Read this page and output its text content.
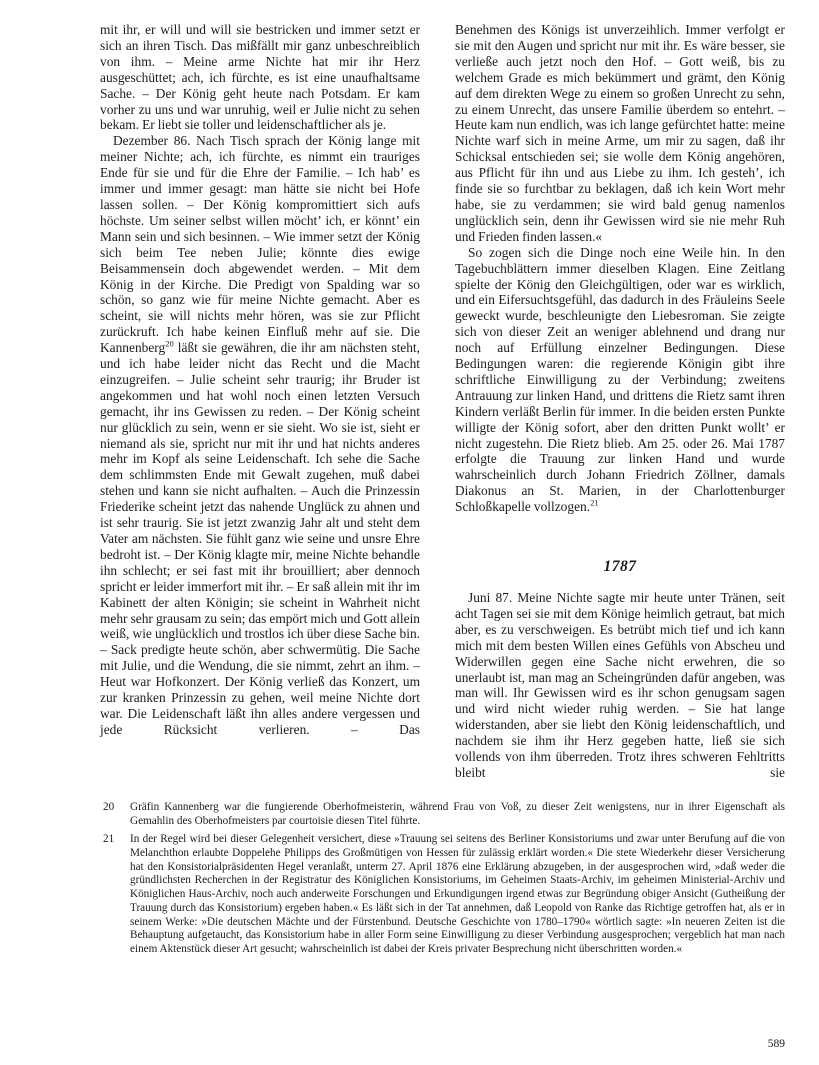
mit ihr, er will und will sie bestricken und immer setzt er sich an ihren Tisch. Das mißfällt mir ganz unbeschreiblich von ihm. – Meine arme Nichte hat mir ihr Herz ausgeschüttet; ach, ich fürchte, es ist eine unaufhaltsame Sache. – Der König geht heute nach Potsdam. Er kam vorher zu uns und war unruhig, weil er Julie nicht zu sehen bekam. Er liebt sie toller und leidenschaftlicher als je.

Dezember 86. Nach Tisch sprach der König lange mit meiner Nichte; ach, ich fürchte, es nimmt ein trauriges Ende für sie und für die Ehre der Familie. – Ich hab’ es immer und immer gesagt: man hätte sie nicht bei Hofe lassen sollen. – Der König kompromittiert sich aufs höchste. Um seiner selbst willen möcht’ ich, er könnt’ ein Mann sein und sich besinnen. – Wie immer setzt der König sich beim Tee neben Julie; könnte dies ewige Beisammensein doch abgewendet werden. – Mit dem König in der Kirche. Die Predigt von Spalding war so schön, so ganz wie für meine Nichte gemacht. Aber es scheint, sie will nichts mehr hören, was sie zur Pflicht zurückruft. Ich habe keinen Einfluß mehr auf sie. Die Kannenberg$^{20}$ läßt sie gewähren, die ihr am nächsten steht, und ich habe leider nicht das Recht und die Macht einzugreifen. – Julie scheint sehr traurig; ihr Bruder ist angekommen und hat wohl noch einen letzten Versuch gemacht, ihr ins Gewissen zu reden. – Der König scheint nur glücklich zu sein, wenn er sie sieht. Wo sie ist, sieht er niemand als sie, spricht nur mit ihr und hat nichts anderes mehr im Kopf als seine Leidenschaft. Ich sehe die Sache dem schlimmsten Ende mit Gewalt zugehen, muß dabei stehen und kann sie nicht aufhalten. – Auch die Prinzessin Friederike scheint jetzt das nahende Unglück zu ahnen und ist sehr traurig. Sie ist jetzt zwanzig Jahr alt und steht dem Vater am nächsten. Sie fühlt ganz wie seine und unsre Ehre bedroht ist. – Der König klagte mir, meine Nichte behandle ihn schlecht; er sei fast mit ihr brouilliert; aber dennoch spricht er leider immerfort mit ihr. – Er saß allein mit ihr im Kabinett der alten Königin; sie scheint in Wahrheit nicht mehr sehr grausam zu sein; das empört mich und Gott allein weiß, wie unglücklich und trostlos ich über diese Sache bin. – Sack predigte heute schön, aber schwermütig. Die Sache mit Julie, und die Wendung, die sie nimmt, zehrt an ihm. – Heut war Hofkonzert. Der König verließ das Konzert, um zur kranken Prinzessin zu gehen, weil meine Nichte dort war. Die Leidenschaft läßt ihn alles andere vergessen und jede Rücksicht verlieren. – Das

Benehmen des Königs ist unverzeihlich. Immer verfolgt er sie mit den Augen und spricht nur mit ihr. Es wäre besser, sie verließe auch jetzt noch den Hof. – Gott weiß, bis zu welchem Grade es mich bekümmert und grämt, den König auf dem direkten Wege zu einem so großen Unrecht zu sehn, zu einem Unrecht, das unsere Familie überdem so entehrt. – Heute kam nun endlich, was ich lange gefürchtet hatte: meine Nichte warf sich in meine Arme, um mir zu sagen, daß ihr Schicksal entschieden sei; sie wolle dem König angehören, aus Pflicht für ihn und aus Liebe zu ihm. Ich gesteh’, ich finde sie so furchtbar zu beklagen, daß ich kein Wort mehr habe, sie zu verdammen; sie wird bald genug namenlos unglücklich sein, denn ihr Gewissen wird sie nie mehr Ruh und Frieden finden lassen.«

So zogen sich die Dinge noch eine Weile hin. In den Tagebuchblättern immer dieselben Klagen. Eine Zeitlang spielte der König den Gleichgültigen, oder war es wirklich, und ein Eifersuchtsgefühl, das dadurch in des Fräuleins Seele geweckt wurde, beschleunigte den Liebesroman. Sie zeigte sich von dieser Zeit an weniger ablehnend und drang nur noch auf Erfüllung einzelner Bedingungen. Diese Bedingungen waren: die regierende Königin gibt ihre schriftliche Einwilligung zu der Verbindung; zweitens Antrauung zur linken Hand, und drittens die Rietz samt ihren Kindern verläßt Berlin für immer. In die beiden ersten Punkte willigte der König sofort, aber den dritten Punkt wollt’ er nicht zugestehn. Die Rietz blieb. Am 25. oder 26. Mai 1787 erfolgte die Trauung zur linken Hand und wurde wahrscheinlich durch Johann Friedrich Zöllner, damals Diakonus an St. Marien, in der Charlottenburger Schloßkapelle vollzogen.$^{21}$

1787

Juni 87. Meine Nichte sagte mir heute unter Tränen, seit acht Tagen sei sie mit dem Könige heimlich getraut, bat mich aber, es zu verschweigen. Es betrübt mich tief und ich kann mich mit dem besten Willen eines Gefühls von Abscheu und Widerwillen gegen eine Sache nicht erwehren, die so unerlaubt ist, man mag an Scheingründen dafür angeben, was man will. Ihr Gewissen wird es ihr schon genugsam sagen und wird nicht wieder ruhig werden. – Sie hat lange widerstanden, aber sie liebt den König leidenschaftlich, und nachdem sie ihm ihr Herz gegeben hatte, ließ sie sich vollends von ihm überreden. Trotz ihres schweren Fehltritts bleibt sie

20 Gräfin Kannenberg war die fungierende Oberhofmeisterin, während Frau von Voß, zu dieser Zeit wenigstens, nur in ihrer Eigenschaft als Gemahlin des Oberhofmeisters par courtoisie diesen Titel führte.
21 In der Regel wird bei dieser Gelegenheit versichert, diese »Trauung sei seitens des Berliner Konsistoriums und zwar unter Berufung auf die von Melanchthon erlaubte Doppelehe Philipps des Großmütigen von Hessen für zulässig erklärt worden.« Die stete Wiederkehr dieser Versicherung hat den Konsistorialpräsidenten Hegel veranlaßt, unterm 27. April 1876 eine Erklärung abzugeben, in der ausgesprochen wird, »daß weder die gründlichsten Recherchen in der Registratur des Königlichen Konsistoriums, im Geheimen Staats-Archiv, im geheimen Ministerial-Archiv und Königlichen Haus-Archiv, noch auch anderweite Forschungen und Erkundigungen irgend etwas zur Begründung obiger Ansicht (Gutheißung der Trauung durch das Konsistorium) ergeben haben.« Es läßt sich in der Tat annehmen, daß Leopold von Ranke das Richtige getroffen hat, als er in seinem Werke: »Die deutschen Mächte und der Fürstenbund. Deutsche Geschichte von 1780–1790« wörtlich sagte: »In neueren Zeiten ist die Behauptung aufgetaucht, das Konsistorium habe in aller Form seine Einwilligung zu dieser Verbindung ausgesprochen; vergeblich hat man nach einem Aktenstück dieser Art gesucht; wahrscheinlich ist dabei der Kreis privater Besprechung nicht überschritten worden.«
589
